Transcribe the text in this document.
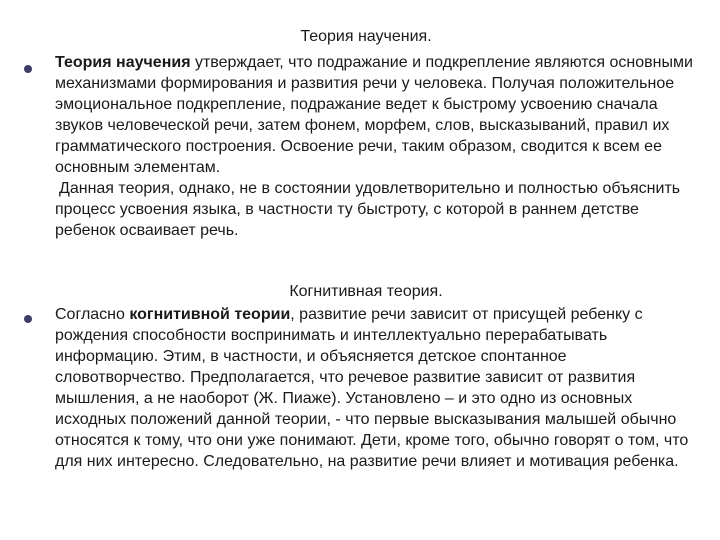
Теория научения.

Теория научения утверждает, что подражание и подкрепление являются основными механизмами формирования и развития речи у человека. Получая положительное эмоциональное подкрепление, подражание ведет к быстрому усвоению сначала звуков человеческой речи, затем фонем, морфем, слов, высказываний, правил их грамматического построения. Освоение речи, таким образом, сводится к всем ее основным элементам.

Данная теория, однако, не в состоянии удовлетворительно и полностью объяснить процесс усвоения языка, в частности ту быстроту, с которой в раннем детстве ребенок осваивает речь.

Когнитивная теория.

Согласно когнитивной теории, развитие речи зависит от присущей ребенку с рождения способности воспринимать и интеллектуально перерабатывать информацию. Этим, в частности, и объясняется детское спонтанное словотворчество. Предполагается, что речевое развитие зависит от развития мышления, а не наоборот (Ж. Пиаже). Установлено – и это одно из основных исходных положений данной теории, - что первые высказывания малышей обычно относятся к тому, что они уже понимают. Дети, кроме того, обычно говорят о том, что для них интересно. Следовательно, на развитие речи влияет и мотивация ребенка.
